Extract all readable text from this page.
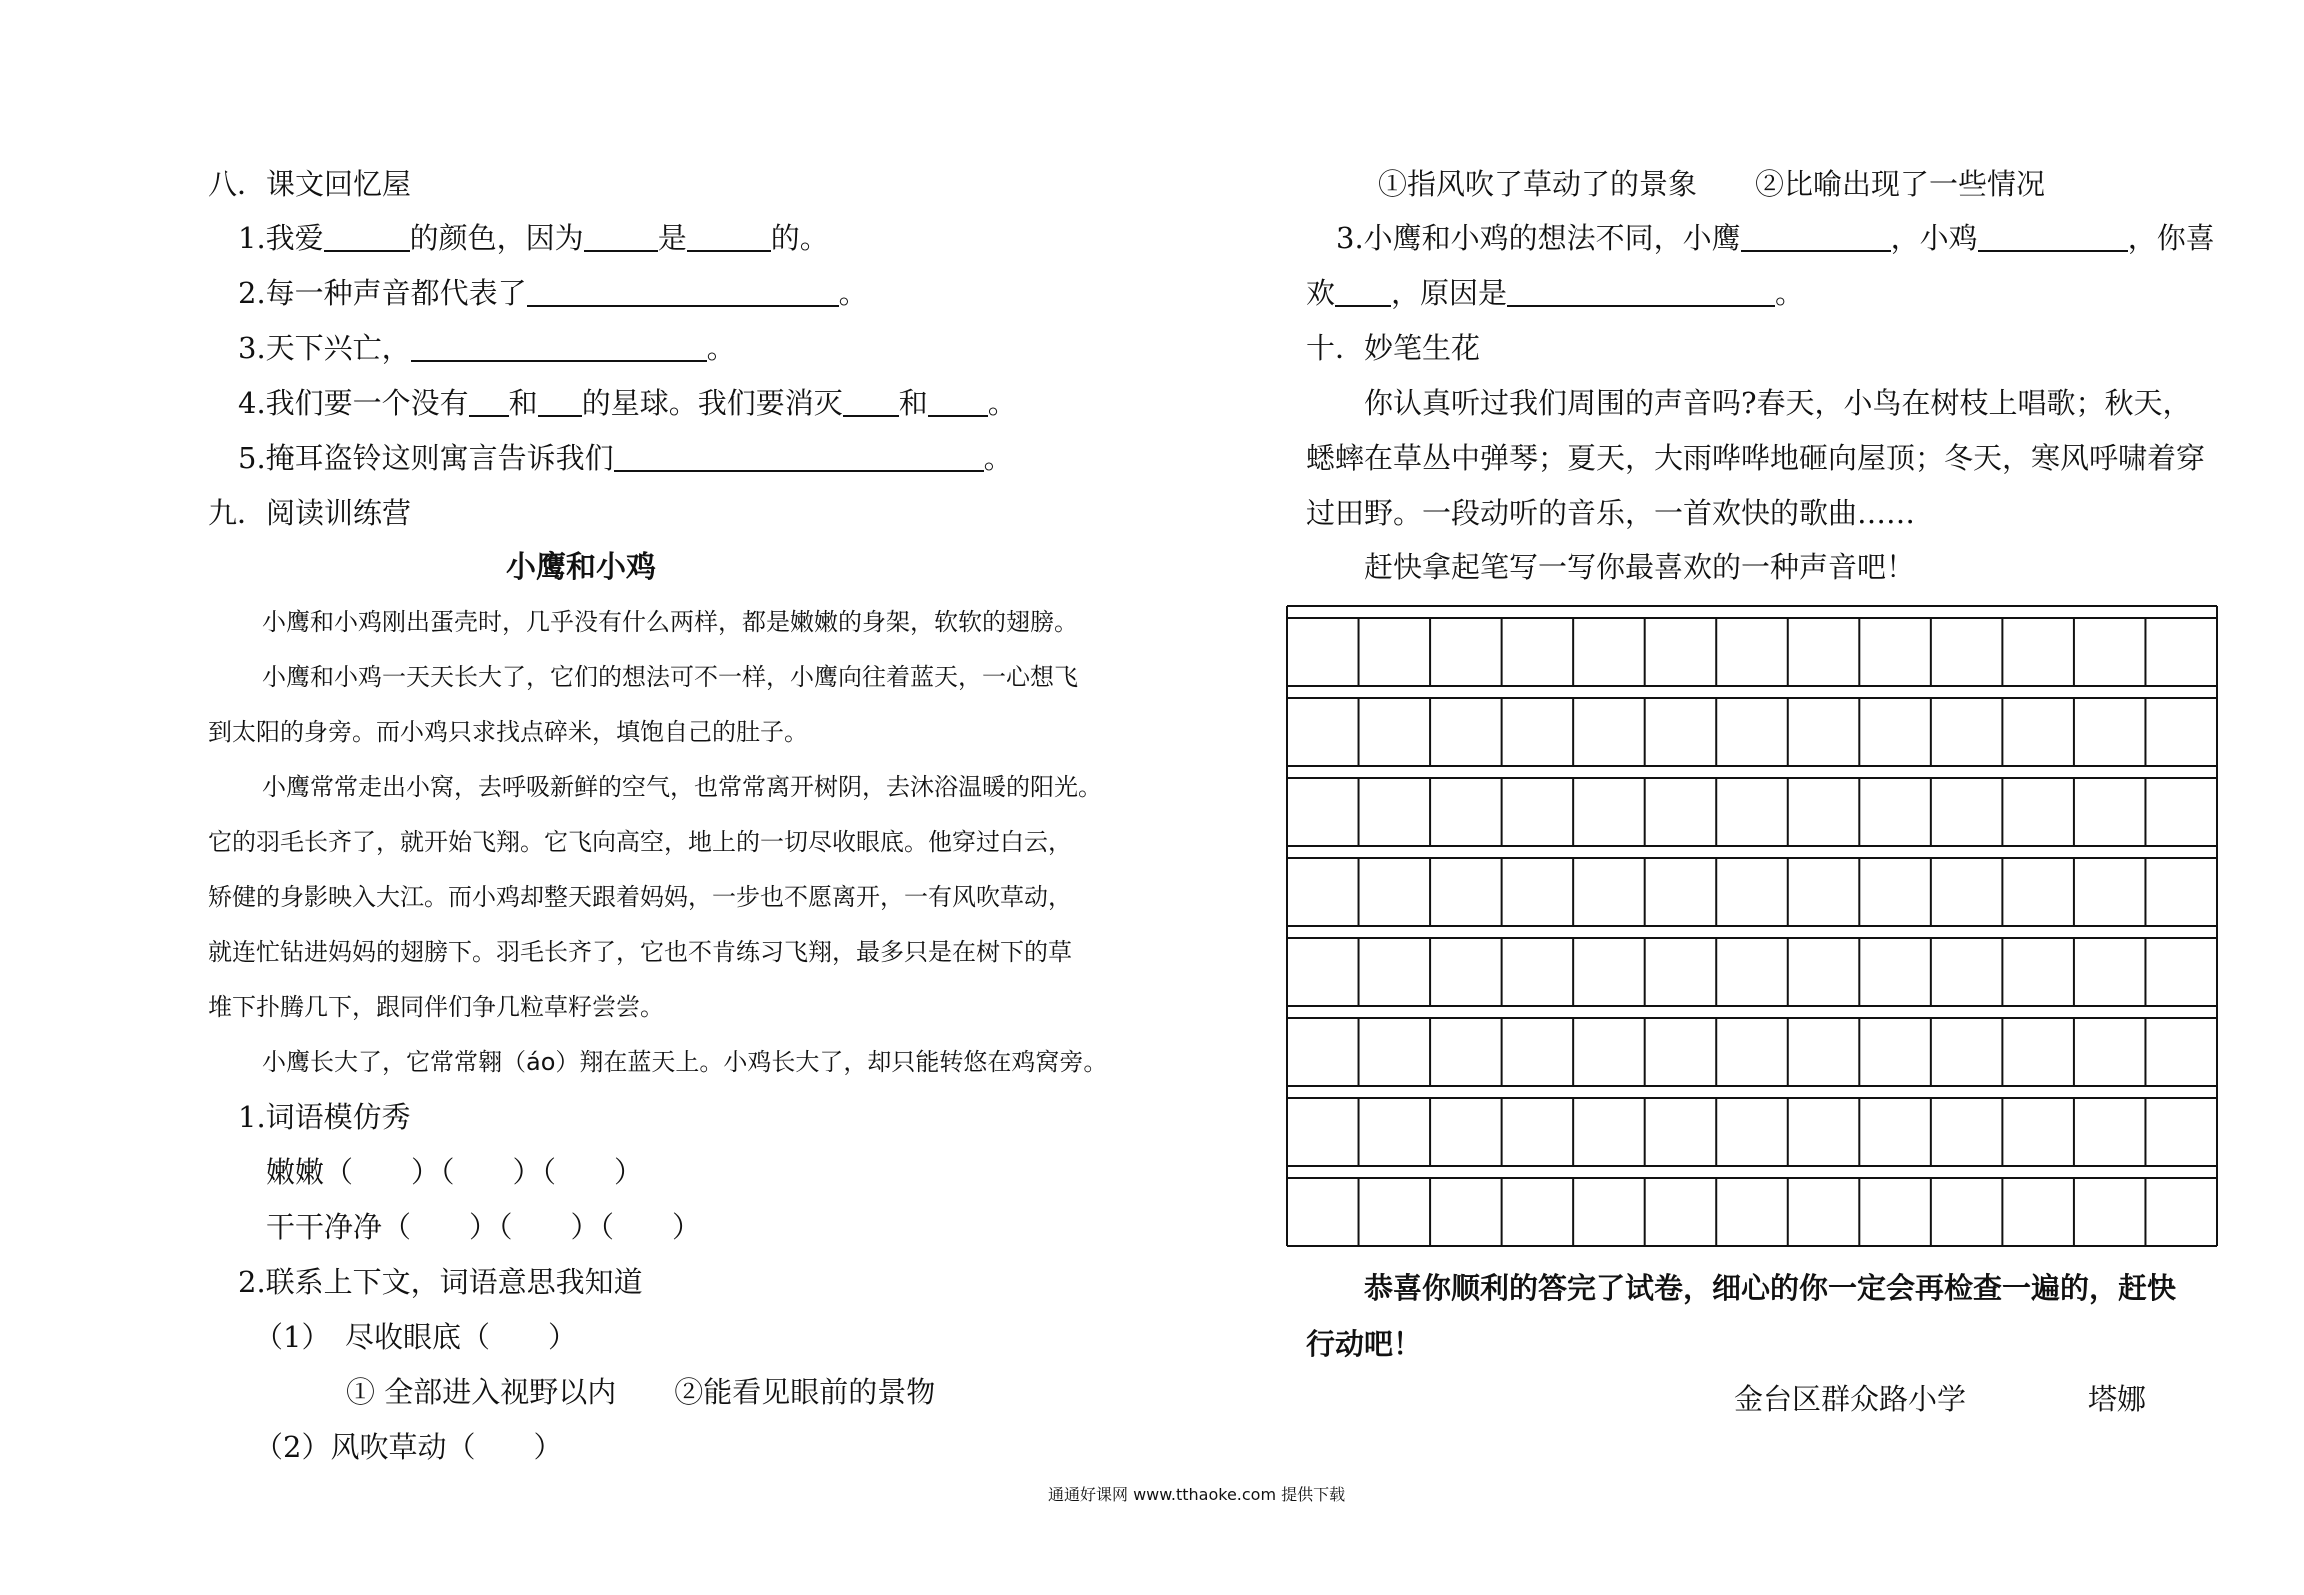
八．课文回忆屋
1.我爱	的颜色，因为	是	的。
2.每一种声音都代表了	。
3.天下兴亡，	。
4.我们要一个没有 和 的星球。我们要消灭 和 。
5.掩耳盗铃这则寓言告诉我们	。
九．阅读训练营
小鹰和小鸡
小鹰和小鸡刚出蛋壳时，几乎没有什么两样，都是嫩嫩的身架，软软的翅膀。
小鹰和小鸡一天天长大了，它们的想法可不一样，小鹰向往着蓝天，一心想飞
到太阳的身旁。而小鸡只求找点碎米，填饱自己的肚子。
小鹰常常走出小窝，去呼吸新鲜的空气，也常常离开树阴，去沐浴温暖的阳光。
它的羽毛长齐了，就开始飞翔。它飞向高空，地上的一切尽收眼底。他穿过白云，
矫健的身影映入大江。而小鸡却整天跟着妈妈，一步也不愿离开，一有风吹草动，
就连忙钻进妈妈的翅膀下。羽毛长齐了，它也不肯练习飞翔，最多只是在树下的草
堆下扑腾几下，跟同伴们争几粒草籽尝尝。
小鹰长大了，它常常翱（áo）翔在蓝天上。小鸡长大了，却只能转悠在鸡窝旁。
1.词语模仿秀
嫩嫩（　　）（　　）（　　）
干干净净（　　）（　　）（　　）
2.联系上下文，词语意思我知道
（1）　尽收眼底（　　）
① 全部进入视野以内　　②能看见眼前的景物
（2）风吹草动（　　）
①指风吹了草动了的景象　　②比喻出现了一些情况
3.小鹰和小鸡的想法不同，小鹰	，小鸡	，你喜
欢 ，原因是	。
十．妙笔生花
你认真听过我们周围的声音吗?春天，小鸟在树枝上唱歌；秋天，
蟋蟀在草丛中弹琴；夏天，大雨哗哗地砸向屋顶；冬天，寒风呼啸着穿
过田野。一段动听的音乐，一首欢快的歌曲……
赶快拿起笔写一写你最喜欢的一种声音吧！
恭喜你顺利的答完了试卷，细心的你一定会再检查一遍的，赶快
行动吧！
金台区群众路小学	塔娜
通通好课网 www.tthaoke.com 提供下载
